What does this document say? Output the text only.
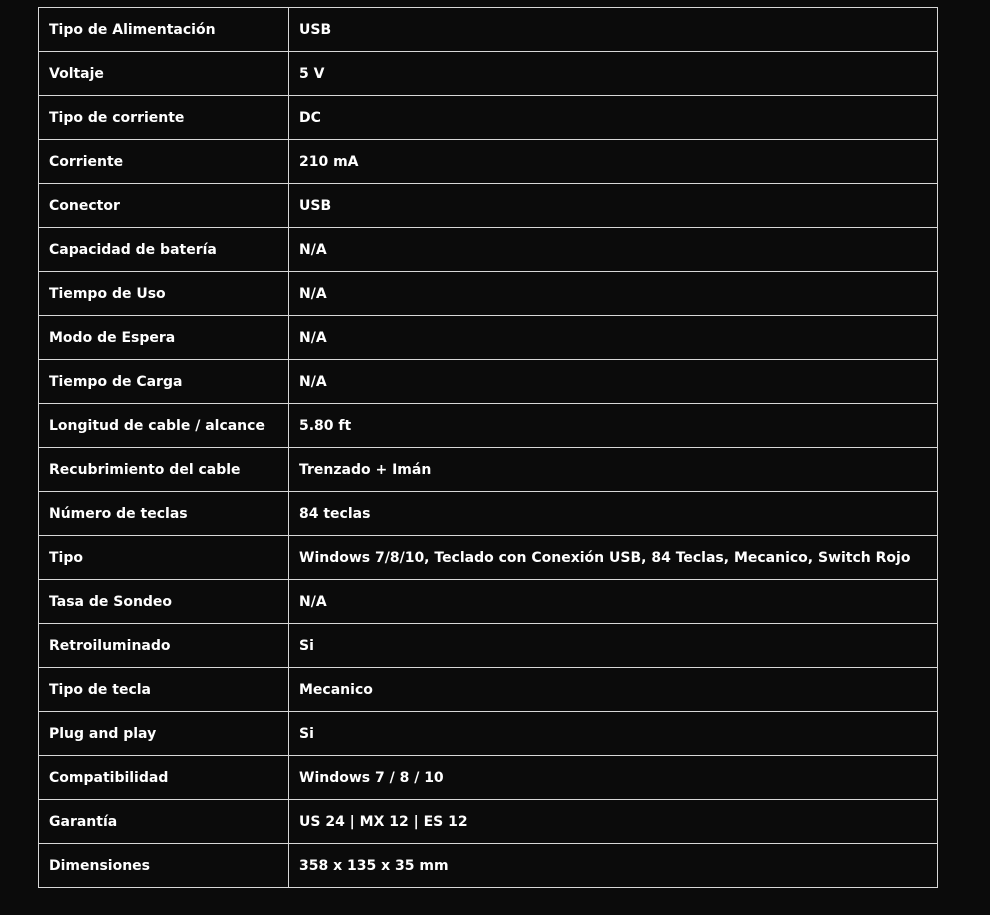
Tipo de Alimentación	USB
Voltaje	5 V
Tipo de corriente	DC
Corriente	210 mA
Conector	USB
Capacidad de batería	N/A
Tiempo de Uso	N/A
Modo de Espera	N/A
Tiempo de Carga	N/A
Longitud de cable / alcance	5.80 ft
Recubrimiento del cable	Trenzado + Imán
Número de teclas	84 teclas
Tipo	Windows 7/8/10, Teclado con Conexión USB, 84 Teclas, Mecanico, Switch Rojo
Tasa de Sondeo	N/A
Retroiluminado	Si
Tipo de tecla	Mecanico
Plug and play	Si
Compatibilidad	Windows 7 / 8 / 10
Garantía	US 24 | MX 12 | ES 12
Dimensiones	358 x 135 x 35 mm
